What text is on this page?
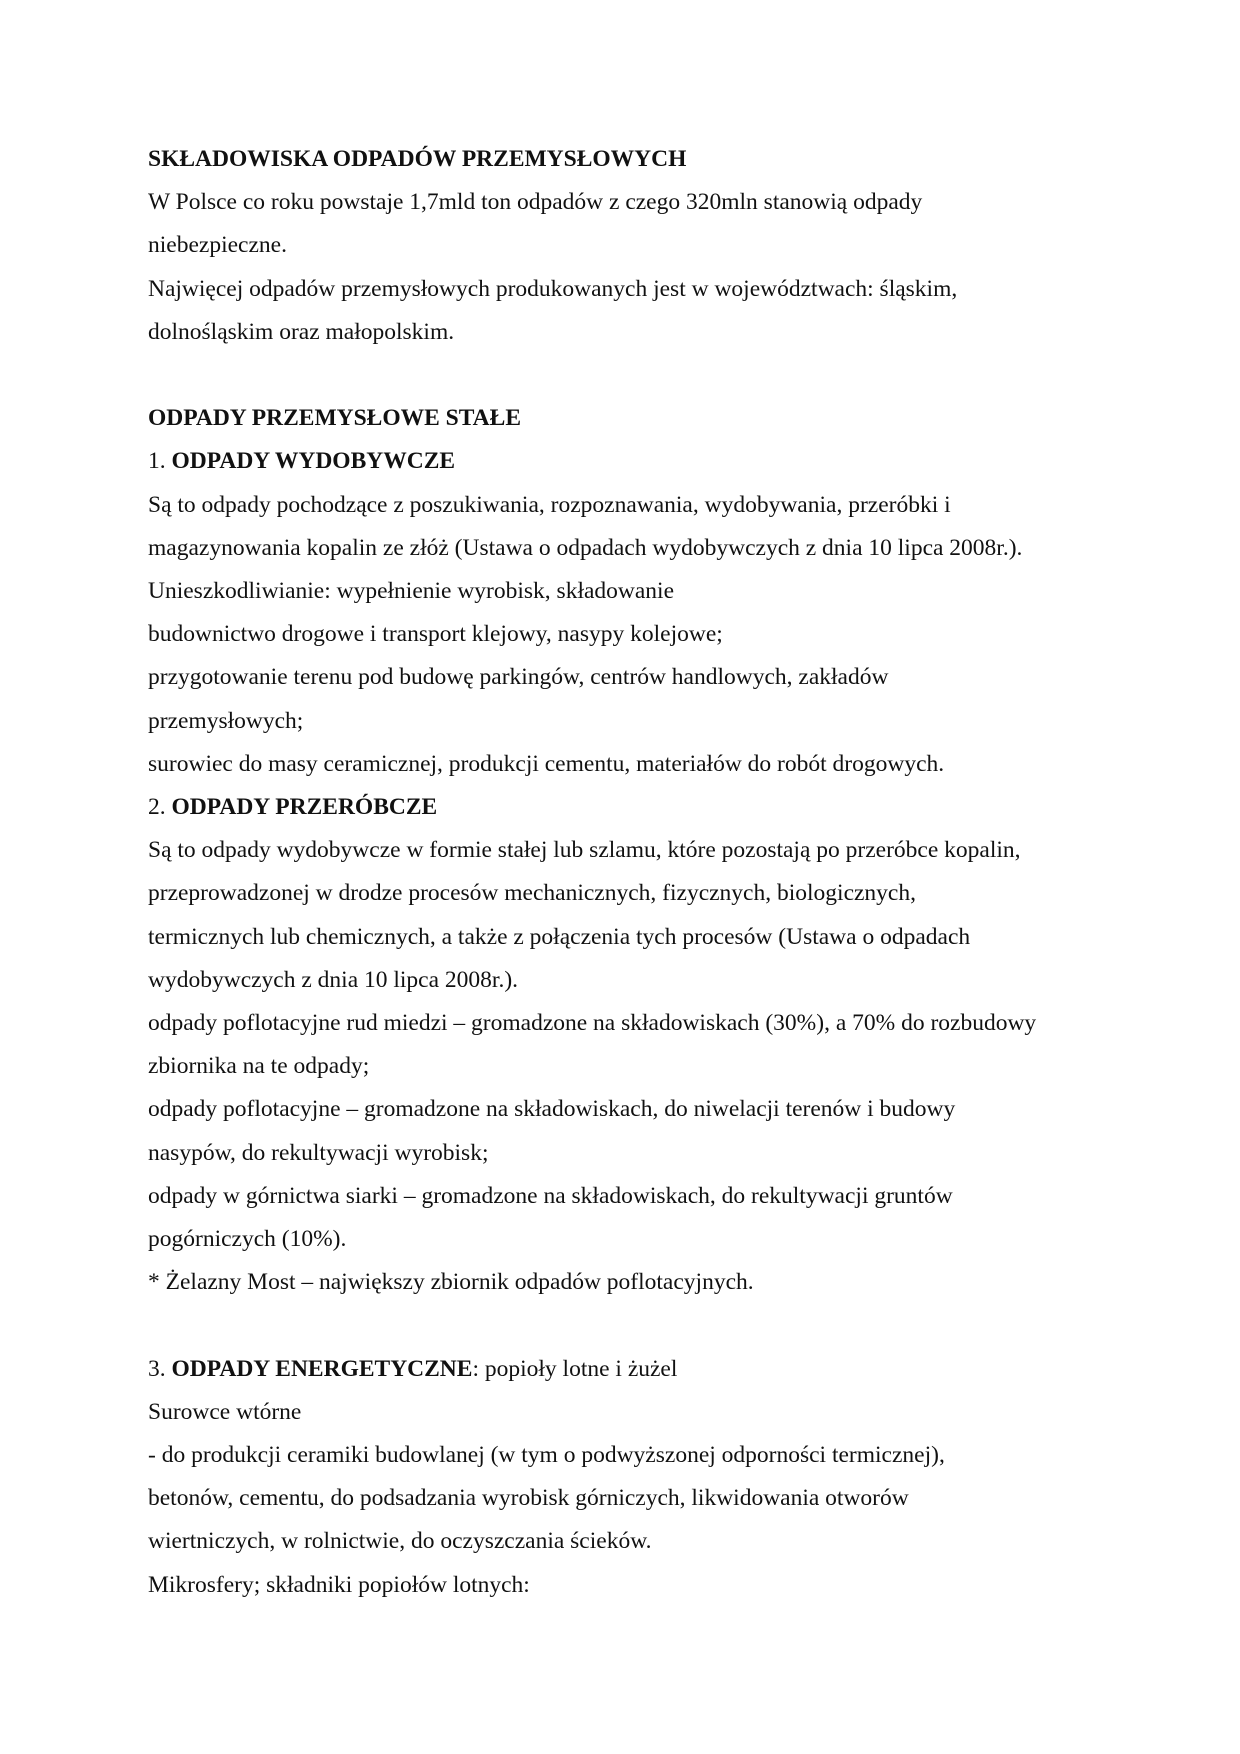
SKŁADOWISKA ODPADÓW PRZEMYSŁOWYCH
W Polsce co roku powstaje 1,7mld ton odpadów z czego 320mln stanowią odpady
niebezpieczne.
Najwięcej odpadów przemysłowych produkowanych jest w województwach: śląskim,
dolnośląskim oraz małopolskim.
ODPADY PRZEMYSŁOWE STAŁE
1. ODPADY WYDOBYWCZE
Są to odpady pochodzące z poszukiwania, rozpoznawania, wydobywania, przeróbki i
magazynowania kopalin ze złóż (Ustawa o odpadach wydobywczych z dnia 10 lipca 2008r.).
Unieszkodliwianie: wypełnienie wyrobisk, składowanie
budownictwo drogowe i transport klejowy, nasypy kolejowe;
przygotowanie terenu pod budowę parkingów, centrów handlowych, zakładów
przemysłowych;
surowiec do masy ceramicznej, produkcji cementu, materiałów do robót drogowych.
2. ODPADY PRZERÓBCZE
Są to odpady wydobywcze w formie stałej lub szlamu, które pozostają po przeróbce kopalin,
przeprowadzonej w drodze procesów mechanicznych, fizycznych, biologicznych,
termicznych lub chemicznych, a także z połączenia tych procesów (Ustawa o odpadach
wydobywczych z dnia 10 lipca 2008r.).
odpady poflotacyjne rud miedzi – gromadzone na składowiskach (30%), a 70% do rozbudowy
zbiornika na te odpady;
odpady poflotacyjne – gromadzone na składowiskach, do niwelacji terenów i budowy
nasypów, do rekultywacji wyrobisk;
odpady w górnictwa siarki – gromadzone na składowiskach, do rekultywacji gruntów
pogórniczych (10%).
* Żelazny Most – największy zbiornik odpadów poflotacyjnych.
3. ODPADY ENERGETYCZNE: popioły lotne i żużel
Surowce wtórne
- do produkcji ceramiki budowlanej (w tym o podwyższonej odporności termicznej),
betonów, cementu, do podsadzania wyrobisk górniczych, likwidowania otworów
wiertniczych, w rolnictwie, do oczyszczania ścieków.
Mikrosfery; składniki popiołów lotnych:
